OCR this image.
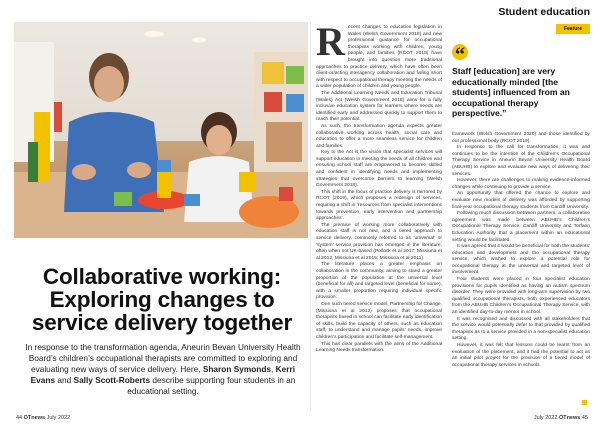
Student education
Feature
Collaborative working: Exploring changes to service delivery together
In response to the transformation agenda, Aneurin Bevan University Health Board’s children’s occupational therapists are committed to exploring and evaluating new ways of service delivery. Here, Sharon Symonds, Kerri Evans and Sally Scott-Roberts describe supporting four students in an educational setting.
R ecent changes to education legislation in Wales (Welsh Government 2018) and new professional guidance for occupational therapists working with children, young people, and families (RCOT 2019) have brought into question more traditional approaches to practice delivery, which have often been client-or/acting interagency collaboration and falling short with respect to occupational therapy meeting the needs of a wider population of children and young people.

The Additional Learning Needs and Education Tribunal (Wales) Act (Welsh Government 2018) aims for a fully inclusive education system for learners where needs are identified early and addressed quickly to support them to reach their potential.

As such, the transformation agenda expects greater collaborative working across health, social care and education to offer a more seamless service for children and families.

Key to the Act is the vision that specialist services will support education in meeting the needs of all children and ensuring school staff are empowered to become skilled and confident in identifying needs and implementing strategies that overcome barriers to learning (Welsh Government 2018).

This shift in the focus of practice delivery is mirrored by RCOT (2019), which proposes a redesign of services, requiring a shift in ‘resources from specialist interventions towards prevention, early intervention and partnership approaches’.

The premise of working more collaboratively with education staff is not new, and a tiered approach to service delivery, commonly referred to as ‘universal’ or ‘system’ service provision has emerged in the literature, often when not UK-based (Pollock et al 2017; Missiuna et al 2012; Missiuna et al 2015; Missiuna et al 2011).

The literature places a greater emphasis on collaboration in the community, aiming to stand a greater proportion of the population at the universal level (beneficial for all) and targeted level (beneficial for some), with a smaller proportion requiring individual specific provision.

One such tiered service model, Partnership for Change, (Missiuna et al 2012) proposes that occupational therapists based in school can facilitate early identification of skills, build the capacity of others, such as education staff, to understand and manage pupils’ needs, improve children’s participation and facilitate self-management.

This has clear parallels with the aims of the Additional Learning Needs transformation.

“
Staff [education] are very educationally minded [the students] influenced from an occupational therapy perspective.”

framework (Welsh Government 2020) and those identified by our professional body (RCOT 2019).

In response to the call for transformation, it was and continues to be the intention of the Children’s Occupational Therapy Service in Aneurin Bevan University Health Board (ABUHB) to explore and evaluate new ways of delivering their services.

However, there are challenges to making evidence-informed changes while continuing to provide a service.

An opportunity that offered the chance to explore and evaluate new models of delivery was afforded by supporting final-year occupational therapy students from Cardiff University.

Following much discussion between partners, a collaborative agreement was made between ABUHB’s Children’s Occupational Therapy Service, Cardiff University and Torfaen Education Authority that a placement within an educational setting would be facilitated.

It was agreed that it would be beneficial for both the students’ education and development and the occupational therapy service, which wished to explore a potential role for occupational therapy at the universal and targeted level of involvement.

Four students were placed in four specialist education provisions for pupils identified as having an autism spectrum disorder. They were provided with long-arm supervision by two qualified occupational therapists, both experienced educators from the ABUHB Children’s Occupational Therapy Service, with an identified day-to-day mentor in school.

It was recognised and discussed with all stakeholders that the service would potentially defer to that provided by qualified therapists as to a service provided in a non-specialist education setting.

However, it was felt that lessons could be learnt from an evaluation of the placement, and it had the potential to act as an initial pilot project for the provision of a tiered model of occupational therapy services in schools.

44 OTnews July 2022	July 2022 OTnews 45
